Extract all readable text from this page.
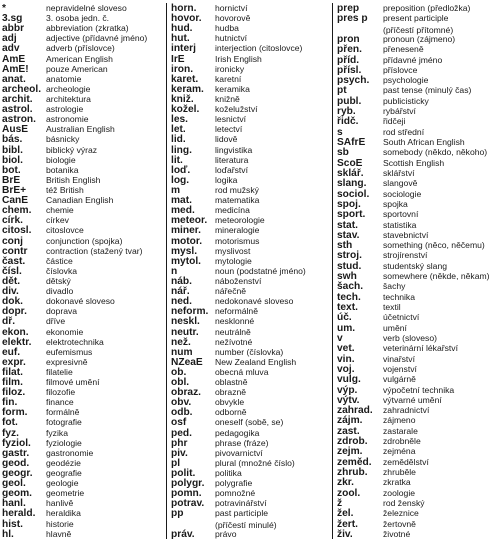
*	nepravidelné sloveso
3.sg	3. osoba jedn. č.
abbr	abbreviation (zkratka)
adj	adjective (přídavné jméno)
adv	adverb (příslovce)
AmE	American English
AmE!	pouze American
anat.	anatomie
archeol. archeologie
archit.	architektura
astrol.	astrologie
astron.	astronomie
AusE	Australian English
bás.	básnicky
bibl.	biblický výraz
biol.	biologie
bot.	botanika
BrE	British English
BrE+	též British
CanE	Canadian English
chem.	chemie
círk.	církev
citosl.	citoslovce
conj	conjunction (spojka)
contr	contraction (stažený tvar)
čast.	částice
čísl.	číslovka
dět.	dětský
div.	divadlo
dok.	dokonavé sloveso
dopr.	doprava
dř.	dříve
ekon.	ekonomie
elektr.	elektrotechnika
euf.	eufemismus
expr.	expresivně
filat.	filatelie
film.	filmové umění
filoz.	filozofie
fin.	finance
form.	formálně
fot.	fotografie
fyz.	fyzika
fyziol.	fyziologie
gastr.	gastronomie
geod.	geodézie
geogr.	geografie
geol.	geologie
geom.	geometrie
hanl.	hanlivě
herald.	heraldika
hist.	historie
hl.	hlavně
horn.	hornictví
hovor.	hovorově
hud.	hudba
hut.	hutnictví
interj	interjection (citoslovce)
IrE	Irish English
iron.	ironicky
karet.	karetní
keram.	keramika
kniž.	knižně
kožel.	koželužství
les.	lesnictví
let.	letectví
lid.	lidově
ling.	lingvistika
lit.	literatura
loď.	loďařství
log.	logika
m	rod mužský
mat.	matematika
med.	medicína
meteor. meteorologie
miner.	mineralogie
motor.	motorismus
mysl.	myslivost
mytol.	mytologie
n	noun (podstatné jméno)
náb.	náboženství
nář.	nářečně
ned.	nedokonavé sloveso
neform. neformálně
neskl.	nesklonné
neutr.	neutrálně
než.	nežívotné
num	number (číslovka)
NZeaE	New Zealand English
ob.	obecná mluva
obl.	oblastně
obraz.	obrazně
obv.	obvykle
odb.	odborně
osf	oneself (sobě, se)
ped.	pedagogika
phr	phrase (fráze)
piv.	pivovarnictví
pl	plural (množné číslo)
polit.	politika
polygr.	polygrafie
pomn.	pomnožné
potrav.	potravinářství
pp	past participle
(příčestí minulé)
práv.	právo
prep	preposition (předložka)
pres p	present participle
(příčestí přítomné)
pron	pronoun (zájmeno)
přen.	přeneseně
příd.	přídavné jméno
přísl.	příslovce
psych.	psychologie
pt	past tense (minulý čas)
publ.	publicisticky
ryb.	rybářství
řidč.	řidčeji
s	rod střední
SAfrE	South African English
sb	somebody (někdo, někoho)
ScoE	Scottish English
sklář.	sklářství
slang.	slangově
sociol.	sociologie
spoj.	spojka
sport.	sportovní
stat.	statistika
stav.	stavebnictví
sth	something (něco, něčemu)
stroj.	strojírenství
stud.	studentský slang
swh	somewhere (někde, někam)
šach.	šachy
tech.	technika
text.	textil
úč.	účetnictví
um.	umění
v	verb (sloveso)
vet.	veterinární lékařství
vin.	vinařství
voj.	vojenství
vulg.	vulgárně
výp.	výpočetní technika
výtv.	výtvarné umění
zahrad.	zahradnictví
zájm.	zájmeno
zast.	zastarale
zdrob.	zdrobněle
zejm.	zejména
zeměd.	zemědělství
zhrub.	zhruběle
zkr.	zkratka
zool.	zoologie
ž	rod ženský
žel.	železnice
žert.	žertovně
živ.	životné
